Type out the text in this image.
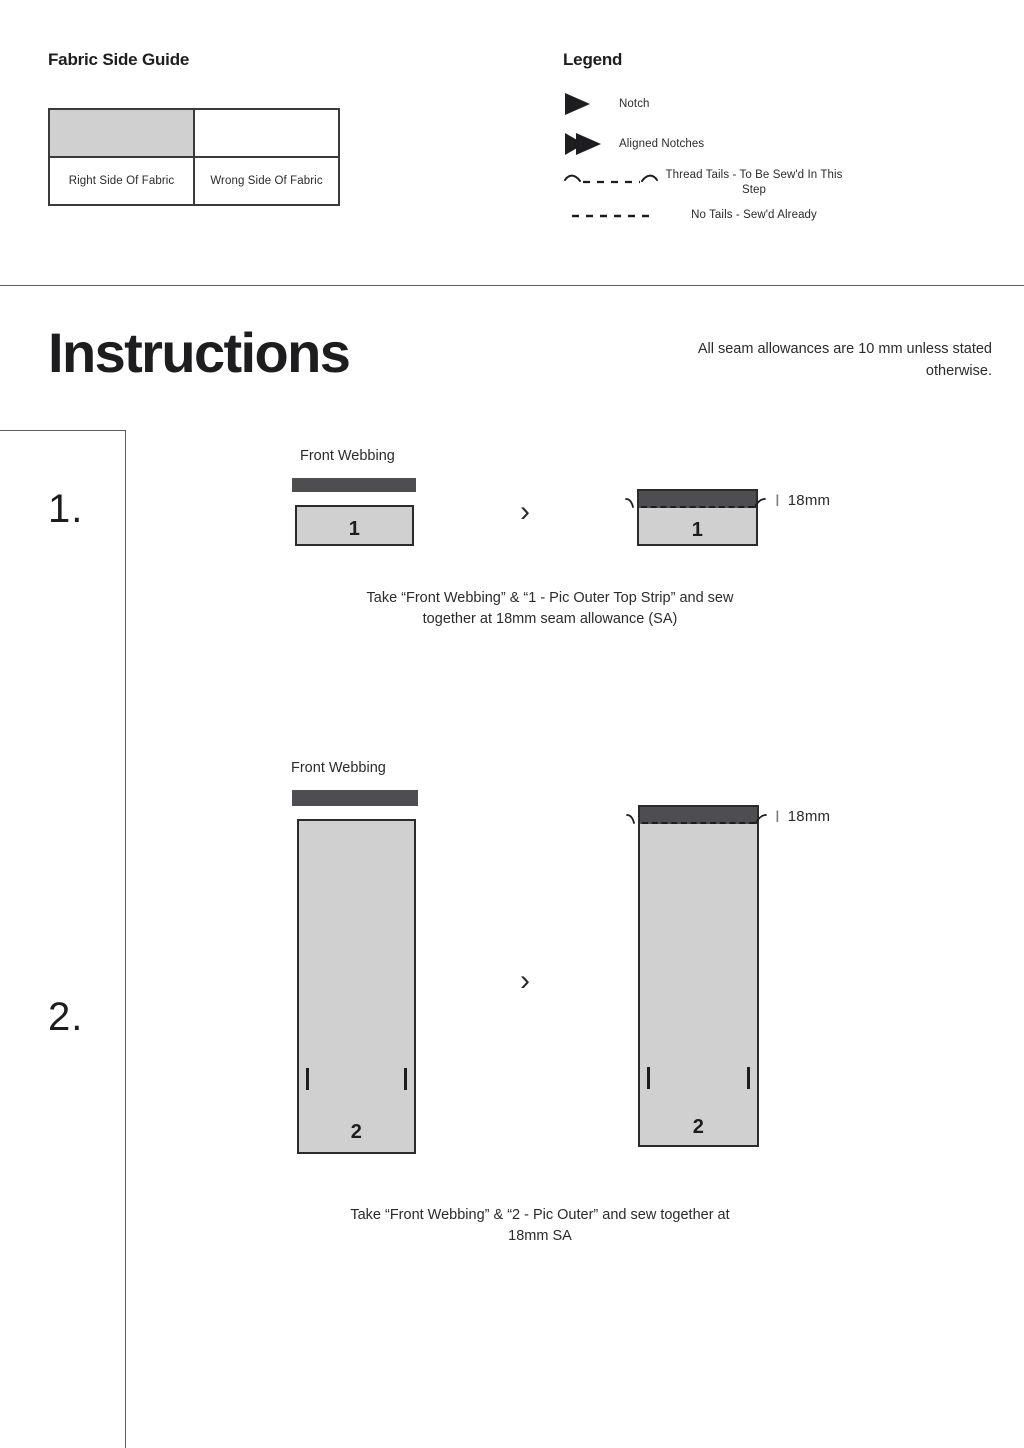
Fabric Side Guide

Right Side Of Fabric	Wrong Side Of Fabric
Legend
Notch
Aligned Notches
Thread Tails - To Be Sew'd In This Step
No Tails - Sew'd Already
Instructions	All seam allowances are 10 mm unless stated otherwise.
1.
Front Webbing
1
›
1
I 18mm
Take “Front Webbing” & “1 - Pic Outer Top Strip” and sew together at 18mm seam allowance (SA)
2.
Front Webbing
2
›
2
I 18mm
Take “Front Webbing” & “2 - Pic Outer” and sew together at 18mm SA
